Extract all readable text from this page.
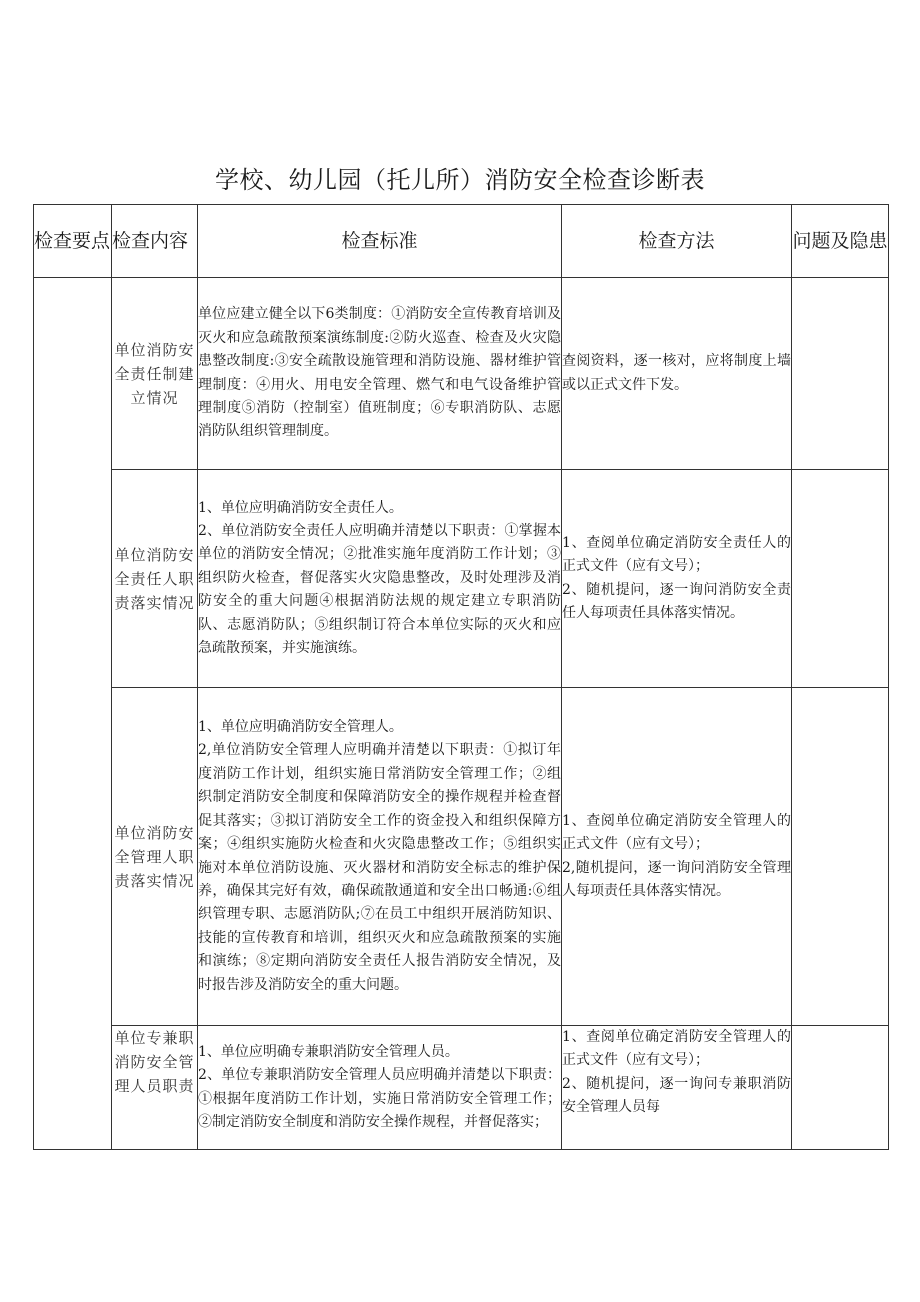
学校、幼儿园（托儿所）消防安全检查诊断表
检查要点	检查内容	检查标准	检查方法	问题及隐患
	单位消防安全责任制建立情况	单位应建立健全以下6类制度：①消防安全宣传教育培训及灭火和应急疏散预案演练制度:②防火巡查、检查及火灾隐患整改制度:③安全疏散设施管理和消防设施、器材维护管理制度：④用火、用电安全管理、燃气和电气设备维护管理制度⑤消防（控制室）值班制度；⑥专职消防队、志愿消防队组织管理制度。	查阅资料，逐一核对，应将制度上墙或以正式文件下发。	
	单位消防安全责任人职责落实情况	1、单位应明确消防安全责任人。
2、单位消防安全责任人应明确并清楚以下职责：①掌握本单位的消防安全情况；②批准实施年度消防工作计划；③组织防火检查，督促落实火灾隐患整改，及时处理涉及消防安全的重大问题④根据消防法规的规定建立专职消防队、志愿消防队；⑤组织制订符合本单位实际的灭火和应急疏散预案，并实施演练。	1、查阅单位确定消防安全责任人的正式文件（应有文号）；
2、随机提问，逐一询问消防安全责任人每项责任具体落实情况。	
	单位消防安全管理人职责落实情况	1、单位应明确消防安全管理人。
2,单位消防安全管理人应明确并清楚以下职责：①拟订年度消防工作计划，组织实施日常消防安全管理工作；②组织制定消防安全制度和保障消防安全的操作规程并检查督促其落实；③拟订消防安全工作的资金投入和组织保障方案；④组织实施防火检查和火灾隐患整改工作；⑤组织实施对本单位消防设施、灭火器材和消防安全标志的维护保养，确保其完好有效，确保疏散通道和安全出口畅通:⑥组织管理专职、志愿消防队;⑦在员工中组织开展消防知识、技能的宣传教育和培训，组织灭火和应急疏散预案的实施和演练；⑧定期向消防安全责任人报告消防安全情况，及时报告涉及消防安全的重大问题。	1、查阅单位确定消防安全管理人的正式文件（应有文号）；
2,随机提问，逐一询问消防安全管理人每项责任具体落实情况。	
	单位专兼职消防安全管理人员职责	1、单位应明确专兼职消防安全管理人员。
2、单位专兼职消防安全管理人员应明确并清楚以下职责：①根据年度消防工作计划，实施日常消防安全管理工作；②制定消防安全制度和消防安全操作规程，并督促落实；	1、查阅单位确定消防安全管理人的正式文件（应有文号）；
2、随机提问，逐一询问专兼职消防安全管理人员每	
